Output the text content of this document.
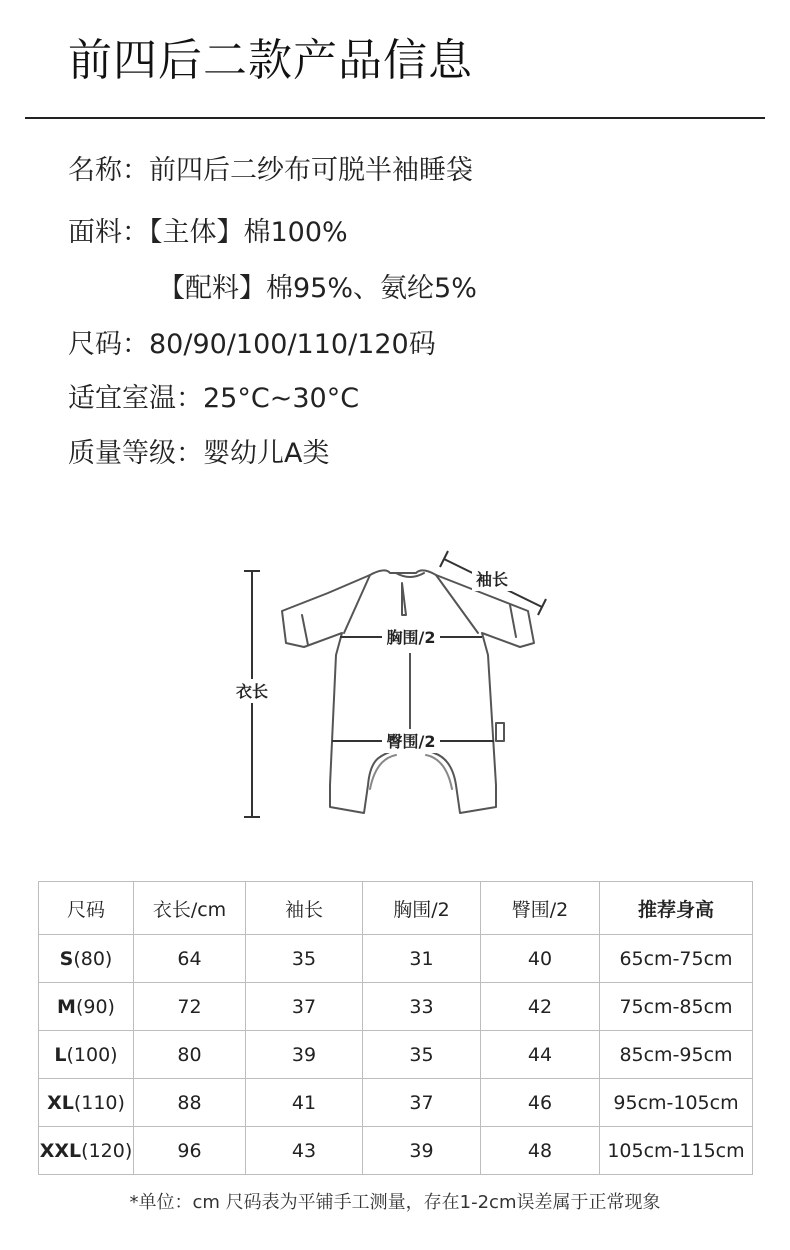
前四后二款产品信息
名称：前四后二纱布可脱半袖睡袋
面料：【主体】棉100%
【配料】棉95%、氨纶5%
尺码：80/90/100/110/120码
适宜室温：25°C~30°C
质量等级：婴幼儿A类
胸围/2
臀围/2
衣长
袖长
尺码	衣长/cm	袖长	胸围/2	臀围/2	推荐身高
S(80)	64	35	31	40	65cm-75cm
M(90)	72	37	33	42	75cm-85cm
L(100)	80	39	35	44	85cm-95cm
XL(110)	88	41	37	46	95cm-105cm
XXL(120)	96	43	39	48	105cm-115cm
*单位：cm 尺码表为平铺手工测量，存在1-2cm误差属于正常现象
